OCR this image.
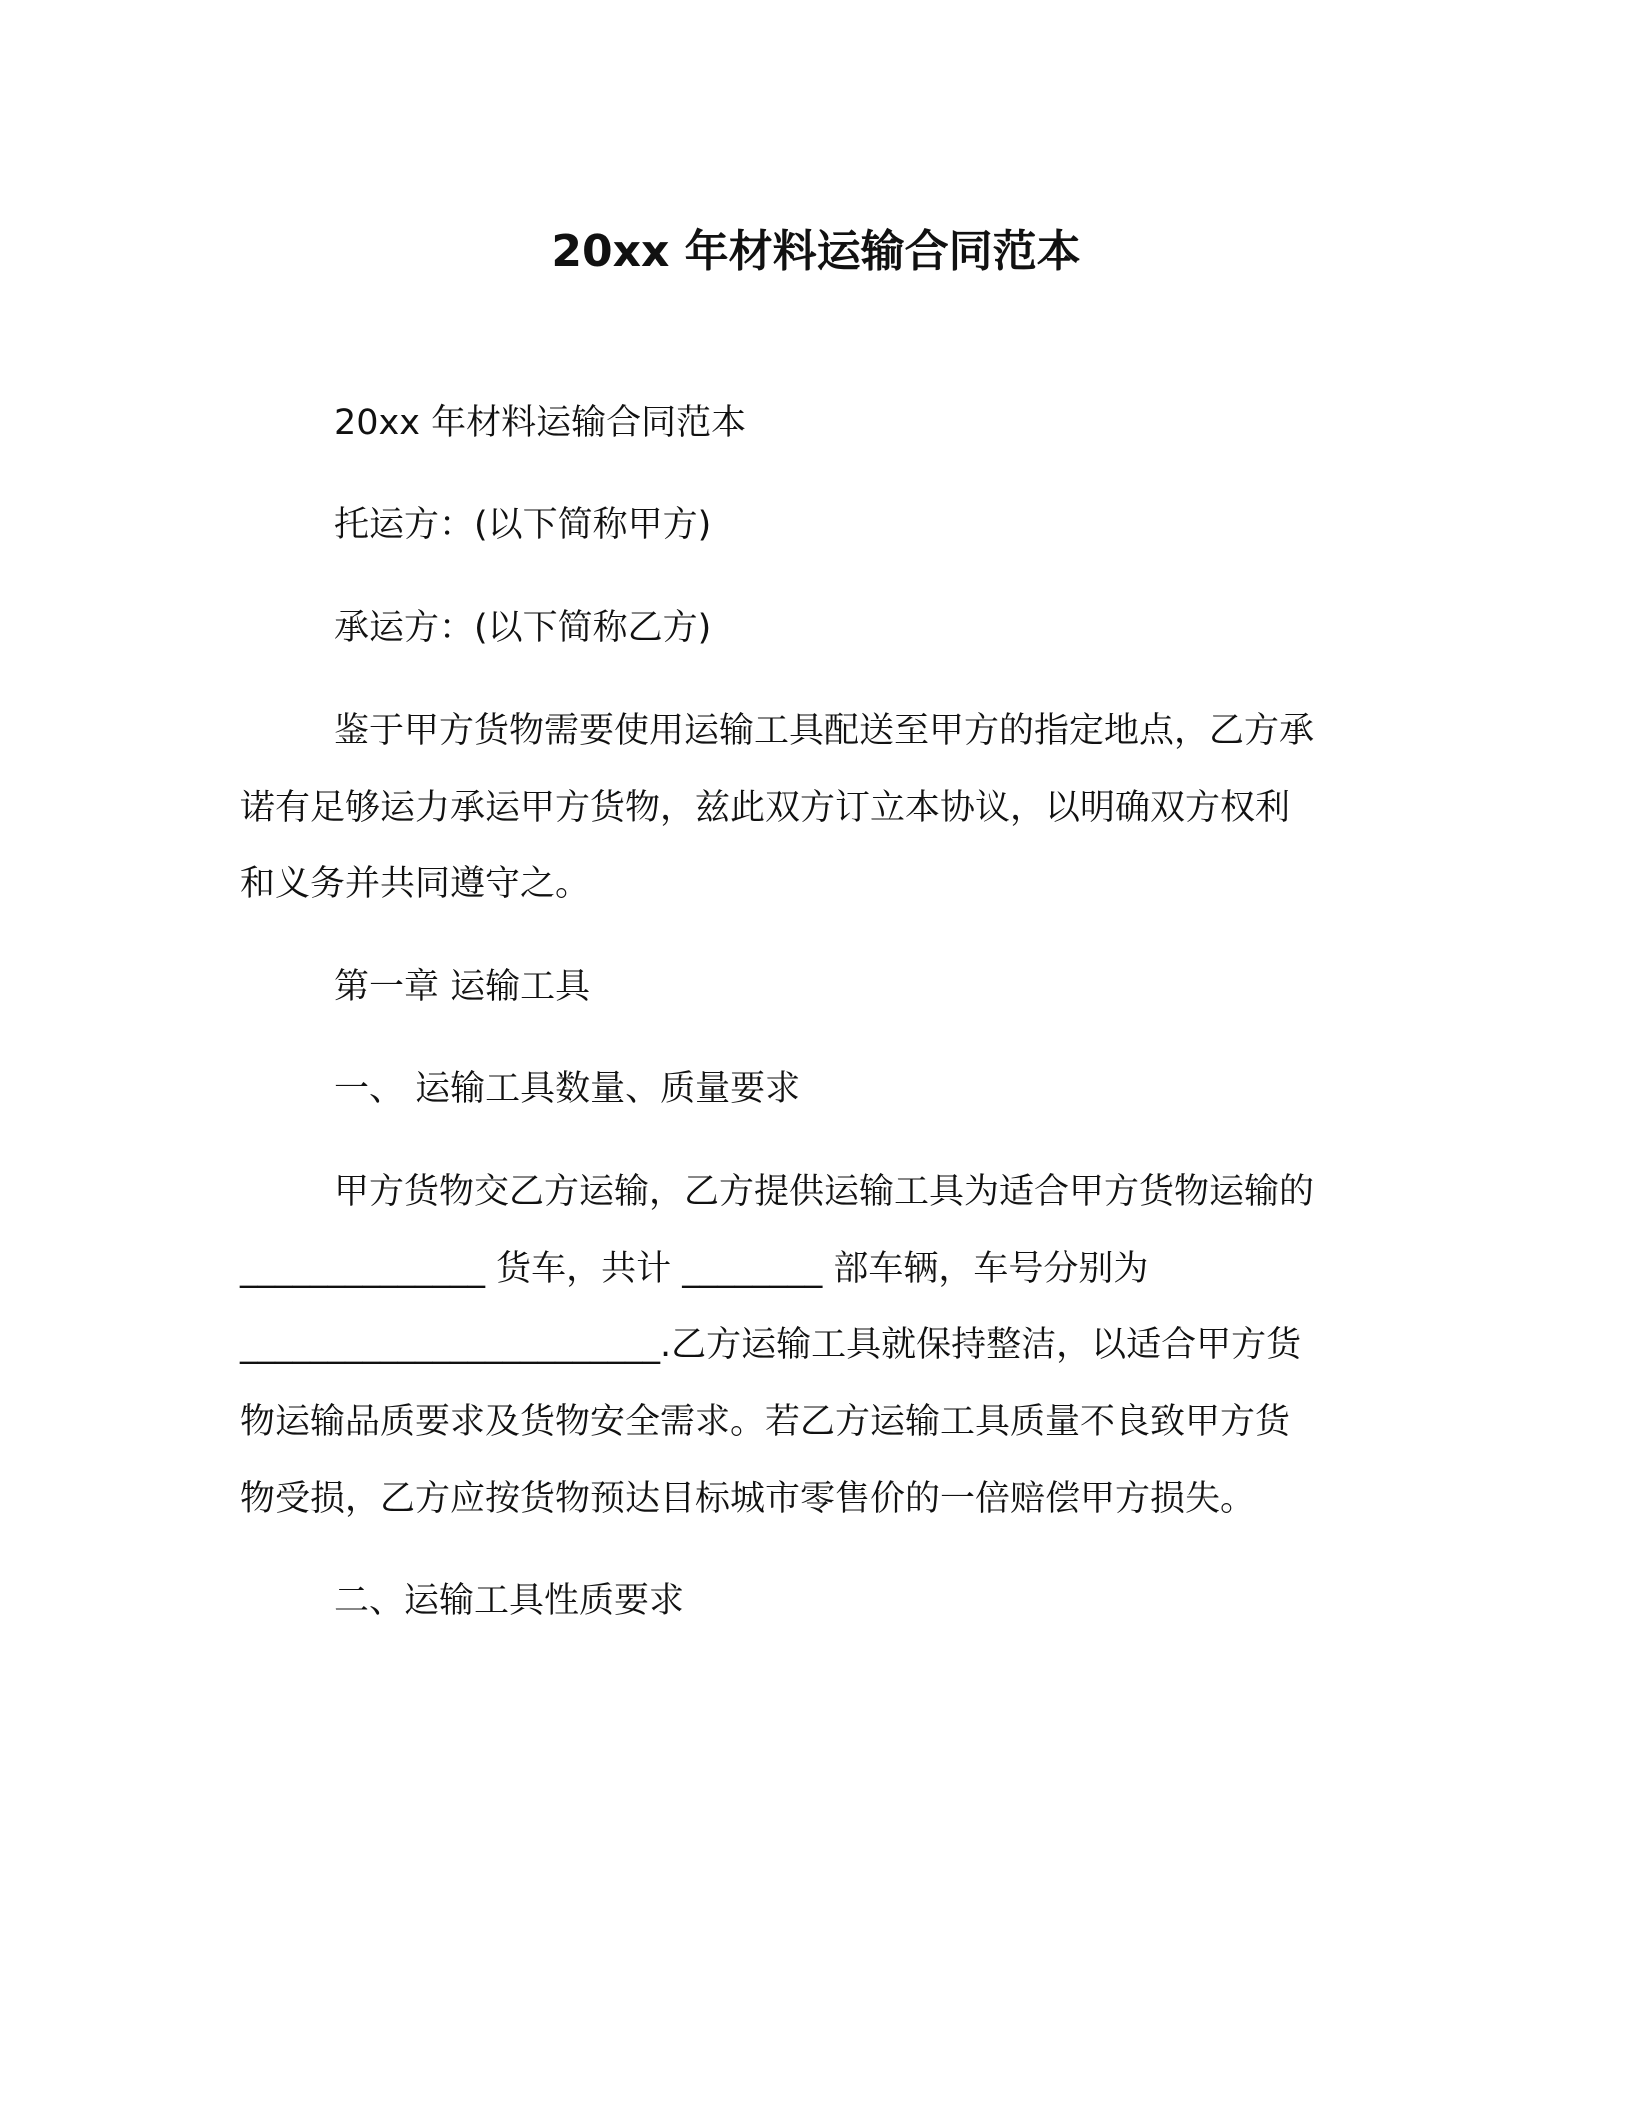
20xx 年材料运输合同范本
20xx 年材料运输合同范本
托运方：(以下简称甲方)
承运方：(以下简称乙方)
鉴于甲方货物需要使用运输工具配送至甲方的指定地点，乙方承
诺有足够运力承运甲方货物，兹此双方订立本协议，以明确双方权利
和义务并共同遵守之。
第一章 运输工具
一、 运输工具数量、质量要求
甲方货物交乙方运输，乙方提供运输工具为适合甲方货物运输的
______________ 货车，共计 ________ 部车辆，车号分别为
________________________.乙方运输工具就保持整洁，以适合甲方货
物运输品质要求及货物安全需求。若乙方运输工具质量不良致甲方货
物受损，乙方应按货物预达目标城市零售价的一倍赔偿甲方损失。
二、运输工具性质要求
